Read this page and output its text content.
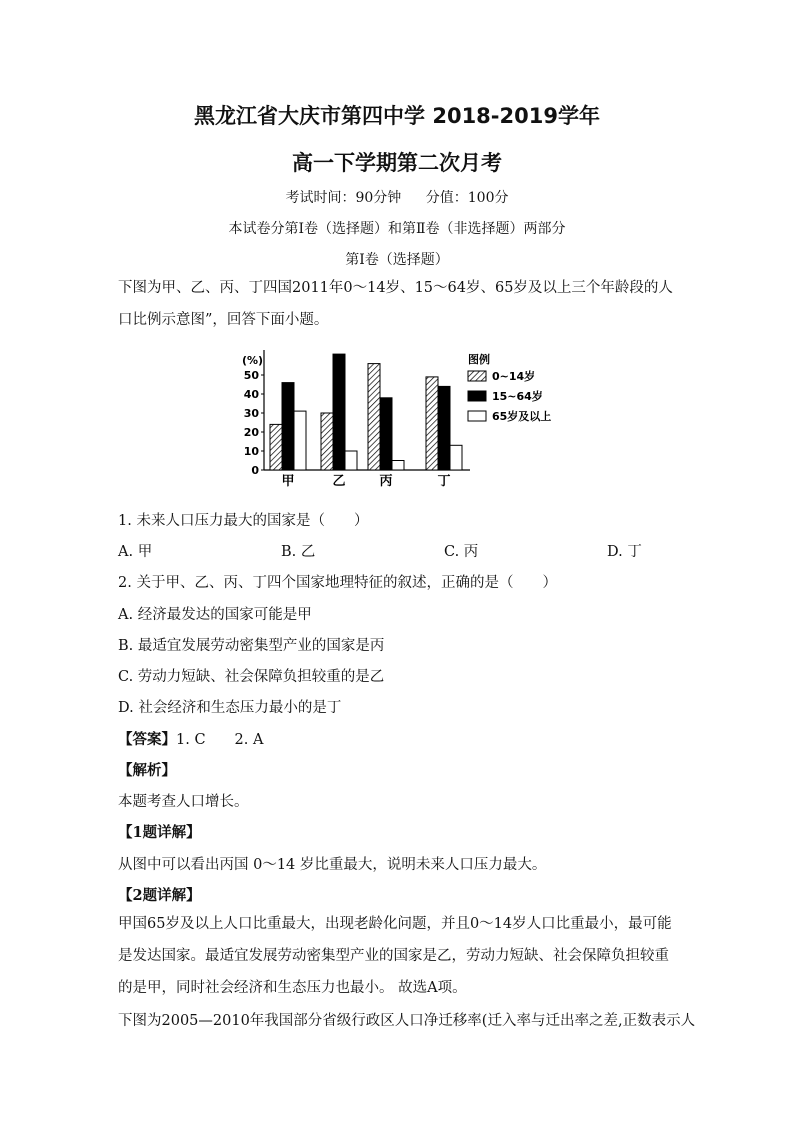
黑龙江省大庆市第四中学 2018-2019学年
高一下学期第二次月考
考试时间：90分钟 分值：100分
本试卷分第Ⅰ卷（选择题）和第Ⅱ卷（非选择题）两部分
第Ⅰ卷（选择题）

下图为甲、乙、丙、丁四国2011年0～14岁、15～64岁、65岁及以上三个年龄段的人口比例示意图”，回答下面小题。

(%)
0
10
20
30
40
50
甲	乙	丙	丁
图例
0~14岁
15~64岁
65岁及以上
1. 未来人口压力最大的国家是（　　）
A. 甲	B. 乙	C. 丙	D. 丁
2. 关于甲、乙、丙、丁四个国家地理特征的叙述，正确的是（　　）
A. 经济最发达的国家可能是甲
B. 最适宜发展劳动密集型产业的国家是丙
C. 劳动力短缺、社会保障负担较重的是乙
D. 社会经济和生态压力最小的是丁
【答案】1. C　　2. A
【解析】
本题考查人口增长。
【1题详解】
从图中可以看出丙国 0～14 岁比重最大，说明未来人口压力最大。
【2题详解】

甲国65岁及以上人口比重最大，出现老龄化问题，并且0～14岁人口比重最小，最可能是发达国家。最适宜发展劳动密集型产业的国家是乙，劳动力短缺、社会保障负担较重的是甲，同时社会经济和生态压力也最小。 故选A项。

下图为2005—2010年我国部分省级行政区人口净迁移率(迁入率与迁出率之差,正数表示人
